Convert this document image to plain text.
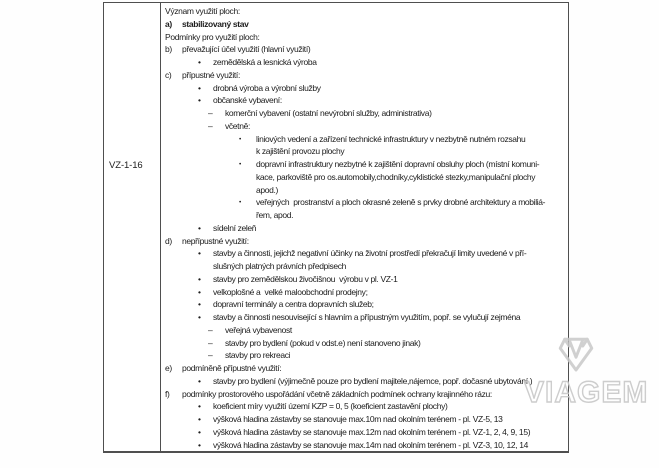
VZ-1-16
Význam využití ploch:
a) stabilizovaný stav
Podmínky pro využití ploch:
b) převažující účel využití (hlavní využití)
• zemědělská a lesnická výroba
c) přípustné využití:
• drobná výroba a výrobní služby
• občanské vybavení:
– komerční vybavení (ostatní nevýrobní služby, administrativa)
– včetně:
• liniových vedení a zařízení technické infrastruktury v nezbytně nutném rozsahu
k zajištění provozu plochy
• dopravní infrastruktury nezbytné k zajištění dopravní obsluhy ploch (místní komuni-
kace, parkoviště pro os.automobily,chodníky,cyklistické stezky,manipulační plochy
apod.)
• veřejných  prostranství a ploch okrasné zeleně s prvky drobné architektury a mobiliá-
řem, apod.
• sídelní zeleň
d) nepřípustné využití:
• stavby a činnosti, jejichž negativní účinky na životní prostředí překračují limity uvedené v pří-
slušných platných právních předpisech
• stavby pro zemědělskou živočišnou  výrobu v pl. VZ-1
• velkoplošné a  velké maloobchodní prodejny;
• dopravní terminály a centra dopravních služeb;
• stavby a činnosti nesouvisející s hlavním a přípustným využitím, popř. se vylučují zejména
– veřejná vybavenost
– stavby pro bydlení (pokud v odst.e) není stanoveno jinak)
– stavby pro rekreaci
e) podmíněně přípustné využití:
• stavby pro bydlení (výjimečně pouze pro bydlení majitele,nájemce, popř. dočasné ubytování )
f) podmínky prostorového uspořádání včetně základních podmínek ochrany krajinného rázu:
• koeficient míry využití území KZP = 0, 5 (koeficient zastavění plochy)
• výšková hladina zástavby se stanovuje max.10m nad okolním terénem - pl. VZ-5, 13
• výšková hladina zástavby se stanovuje max.12m nad okolním terénem - pl. VZ-1, 2, 4, 9, 15)
• výšková hladina zástavby se stanovuje max.14m nad okolním terénem - pl. VZ-3, 10, 12, 14
VIAGEM
